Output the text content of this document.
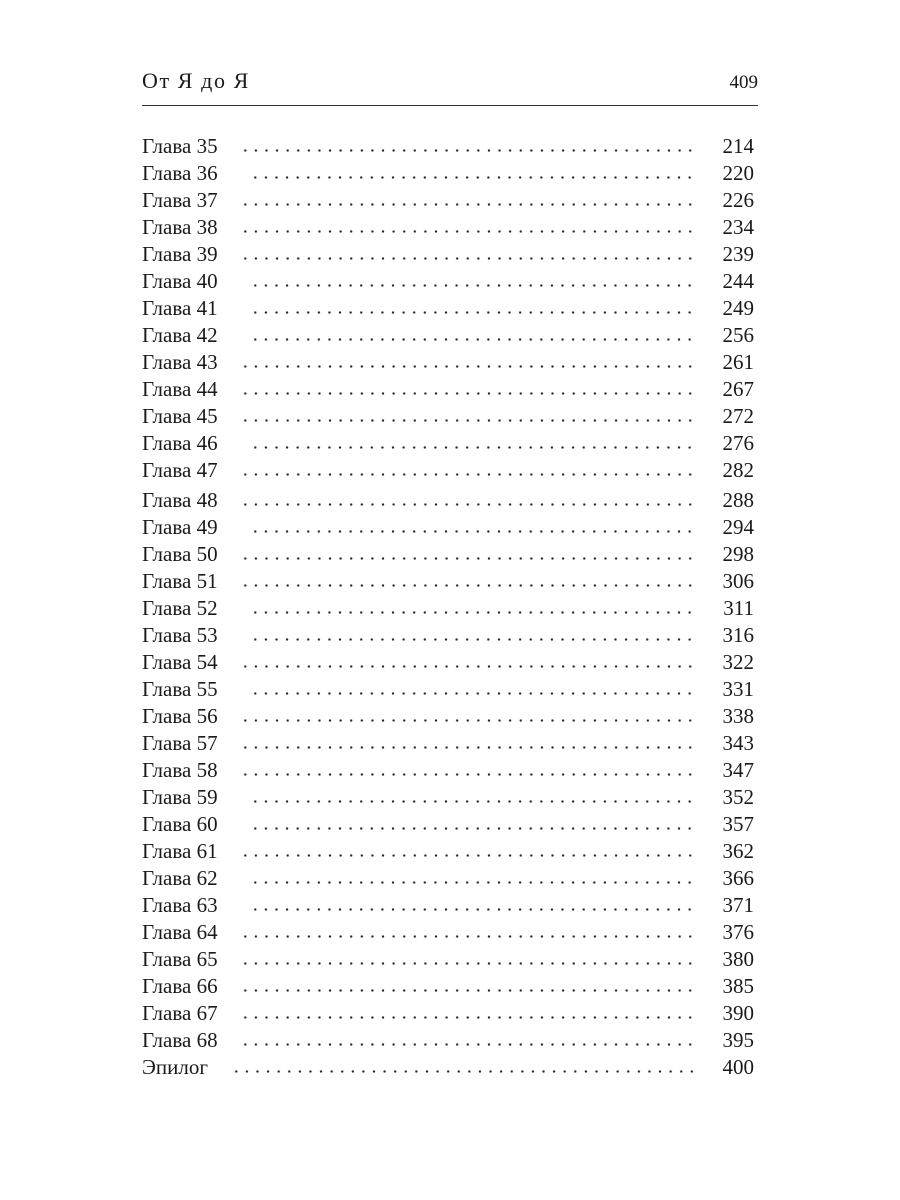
От Я до Я	409
Глава 35	214
Глава 36	220
Глава 37	226
Глава 38	234
Глава 39	239
Глава 40	244
Глава 41	249
Глава 42	256
Глава 43	261
Глава 44	267
Глава 45	272
Глава 46	276
Глава 47	282
Глава 48	288
Глава 49	294
Глава 50	298
Глава 51	306
Глава 52	311
Глава 53	316
Глава 54	322
Глава 55	331
Глава 56	338
Глава 57	343
Глава 58	347
Глава 59	352
Глава 60	357
Глава 61	362
Глава 62	366
Глава 63	371
Глава 64	376
Глава 65	380
Глава 66	385
Глава 67	390
Глава 68	395
Эпилог	400
